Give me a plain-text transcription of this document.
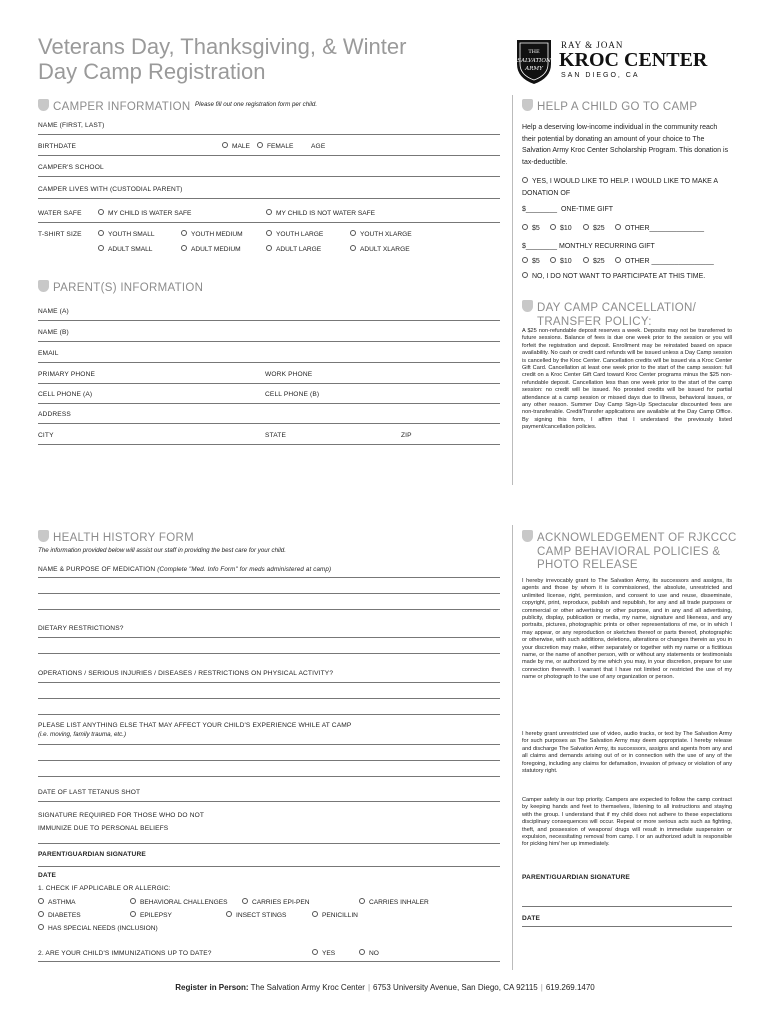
Veterans Day, Thanksgiving, & Winter
Day Camp Registration
THE
SALVATION
ARMY
RAY & JOAN
KROC CENTER
SAN DIEGO, CA
CAMPER INFORMATION Please fill out one registration form per child.
NAME (FIRST, LAST)
BIRTHDATE	MALE	FEMALE	AGE
CAMPER'S SCHOOL
CAMPER LIVES WITH (CUSTODIAL PARENT)
WATER SAFE	MY CHILD IS WATER SAFE	MY CHILD IS NOT WATER SAFE
T-SHIRT SIZE	YOUTH SMALL	YOUTH MEDIUM	YOUTH LARGE	YOUTH XLARGE
ADULT SMALL	ADULT MEDIUM	ADULT LARGE	ADULT XLARGE
PARENT(S) INFORMATION
NAME (A)
NAME (B)
EMAIL
PRIMARY PHONE	WORK PHONE
CELL PHONE (A)	CELL PHONE (B)
ADDRESS
CITY	STATE	ZIP
HEALTH HISTORY FORM
The information provided below will assist our staff in providing the best care for your child.
NAME & PURPOSE OF MEDICATION (Complete "Med. Info Form" for meds administered at camp)
DIETARY RESTRICTIONS?
OPERATIONS / SERIOUS INJURIES / DISEASES / RESTRICTIONS ON PHYSICAL ACTIVITY?
PLEASE LIST ANYTHING ELSE THAT MAY AFFECT YOUR CHILD'S EXPERIENCE WHILE AT CAMP
(i.e. moving, family trauma, etc.)
DATE OF LAST TETANUS SHOT
SIGNATURE REQUIRED FOR THOSE WHO DO NOT
IMMUNIZE DUE TO PERSONAL BELIEFS
PARENT/GUARDIAN SIGNATURE
DATE
1. CHECK IF APPLICABLE OR ALLERGIC:
ASTHMA	BEHAVIORAL CHALLENGES	CARRIES EPI-PEN	CARRIES INHALER
DIABETES	EPILEPSY	INSECT STINGS	PENICILLIN
HAS SPECIAL NEEDS (INCLUSION)
2. ARE YOUR CHILD'S IMMUNIZATIONS UP TO DATE?	YES	NO
HELP A CHILD GO TO CAMP
Help a deserving low-income individual in the community reach their potential by donating an amount of your choice to The Salvation Army Kroc Center Scholarship Program. This donation is tax-deductible.
YES, I WOULD LIKE TO HELP. I WOULD LIKE TO MAKE A DONATION OF
$________ ONE-TIME GIFT
$5	$10	$25	OTHER______________
$________ MONTHLY RECURRING GIFT
$5	$10	$25	OTHER ________________
NO, I DO NOT WANT TO PARTICIPATE AT THIS TIME.
DAY CAMP CANCELLATION/
TRANSFER POLICY:
A $25 non-refundable deposit reserves a week. Deposits may not be transferred to future sessions. Balance of fees is due one week prior to the session or you will forfeit the registration and deposit. Enrollment may be reinstated based on space availability. No cash or credit card refunds will be issued unless a Day Camp session is cancelled by the Kroc Center. Cancellation credits will be issued via a Kroc Center Gift Card. Cancellation at least one week prior to the start of the camp session: full credit on a Kroc Center Gift Card toward Kroc Center programs minus the $25 non-refundable deposit. Cancellation less than one week prior to the start of the camp session: no credit will be issued. No prorated credits will be issued for partial attendance at a camp session or missed days due to illness, behavioral issues, or any other reason. Summer Day Camp Sign-Up Spectacular discounted fees are non-transferable. Credit/Transfer applications are available at the Day Camp Office. By signing this form, I affirm that I understand the previously listed payment/cancellation policies.
ACKNOWLEDGEMENT OF RJKCCC
CAMP BEHAVIORAL POLICIES &
PHOTO RELEASE
I hereby irrevocably grant to The Salvation Army, its successors and assigns, its agents and those by whom it is commissioned, the absolute, unrestricted and unlimited license, right, permission, and consent to use and reuse, disseminate, copyright, print, reproduce, publish and republish, for any and all trade purposes or commercial or other advertising or other purpose, and in any and all advertising, publicity, display, publication or media, my name, signature and likeness, and any portraits, pictures, photographic prints or other representations of me, or in which I may appear, or any reproduction or sketches thereof or parts thereof, photographic or otherwise, with such additions, deletions, alterations or changes therein as you in your discretion may make, either separately or together with my name or a fictitious name, or the name of another person, with or without any statements or testimonials made by me, or authorized by me which you may, in your discretion, prepare for use connection therewith. I warrant that I have not limited or restricted the use of my name or photograph to the use of any organization or person.
I hereby grant unrestricted use of video, audio tracks, or text by The Salvation Army for such purposes as The Salvation Army may deem appropriate. I hereby release and discharge The Salvation Army, its successors, assigns and agents from any and all claims and demands arising out of or in connection with the use of any of the foregoing, including any claims for defamation, invasion of privacy or violation of any statutory right.
Camper safety is our top priority. Campers are expected to follow the camp contract by keeping hands and feet to themselves, listening to all instructions and staying with the group. I understand that if my child does not adhere to these expectations disciplinary consequences will occur. Repeat or more serious acts such as fighting, theft, and possession of weapons/ drugs will result in immediate suspension or expulsion, necessitating removal from camp. I or an authorized adult is responsible for picking him/ her up immediately.
PARENT/GUARDIAN SIGNATURE
DATE
Register in Person: The Salvation Army Kroc Center | 6753 University Avenue, San Diego, CA 92115 | 619.269.1470
